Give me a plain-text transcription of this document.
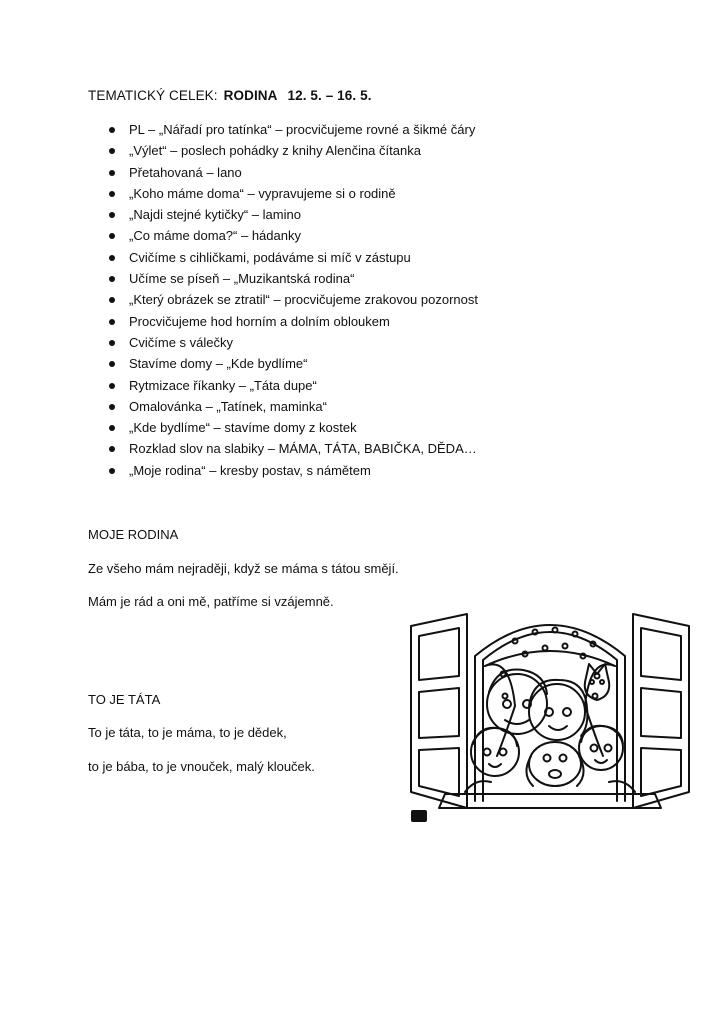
TEMATICKÝ CELEK: RODINA 12. 5. – 16. 5.
PL – „Nářadí pro tatínka“ – procvičujeme rovné a šikmé čáry
„Výlet“ – poslech pohádky z knihy Alenčina čítanka
Přetahovaná – lano
„Koho máme doma“ – vypravujeme si o rodině
„Najdi stejné kytičky“ – lamino
„Co máme doma?“ – hádanky
Cvičíme s cihličkami, podáváme si míč v zástupu
Učíme se píseň – „Muzikantská rodina“
„Který obrázek se ztratil“ – procvičujeme zrakovou pozornost
Procvičujeme hod horním a dolním obloukem
Cvičíme s válečky
Stavíme domy – „Kde bydlíme“
Rytmizace říkanky – „Táta dupe“
Omalovánka – „Tatínek, maminka“
„Kde bydlíme“ – stavíme domy z kostek
Rozklad slov na slabiky – MÁMA, TÁTA, BABIČKA, DĚDA…
„Moje rodina“ – kresby postav, s námětem
MOJE RODINA
Ze všeho mám nejraději, když se máma s tátou smějí.
Mám je rád a oni mě, patříme si vzájemně.
TO JE TÁTA
To je táta, to je máma, to je dědek,
to je bába, to je vnouček, malý klouček.
